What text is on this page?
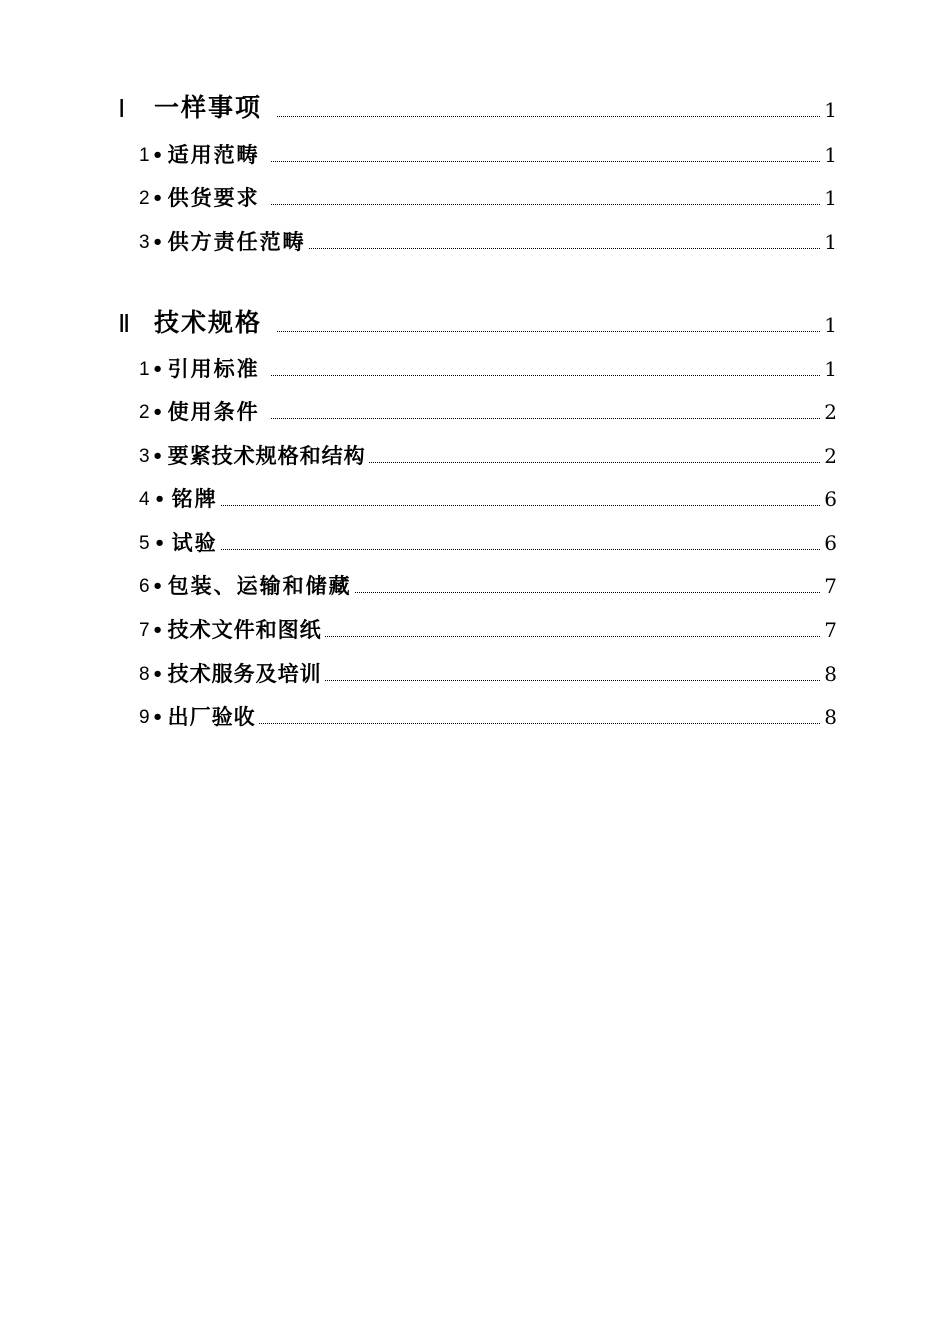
Ⅰ	一样事项	1
1 • 适用范畴	1
2 • 供货要求	1
3 • 供方责任范畴	1
Ⅱ 技术规格	1
1 • 引用标准	1
2 • 使用条件	2
3 • 要紧技术规格和结构	2
4 • 铭牌	6
5 • 试验	6
6 • 包装、运输和储藏	7
7 • 技术文件和图纸	7
8 • 技术服务及培训	8
9 • 出厂验收	8
